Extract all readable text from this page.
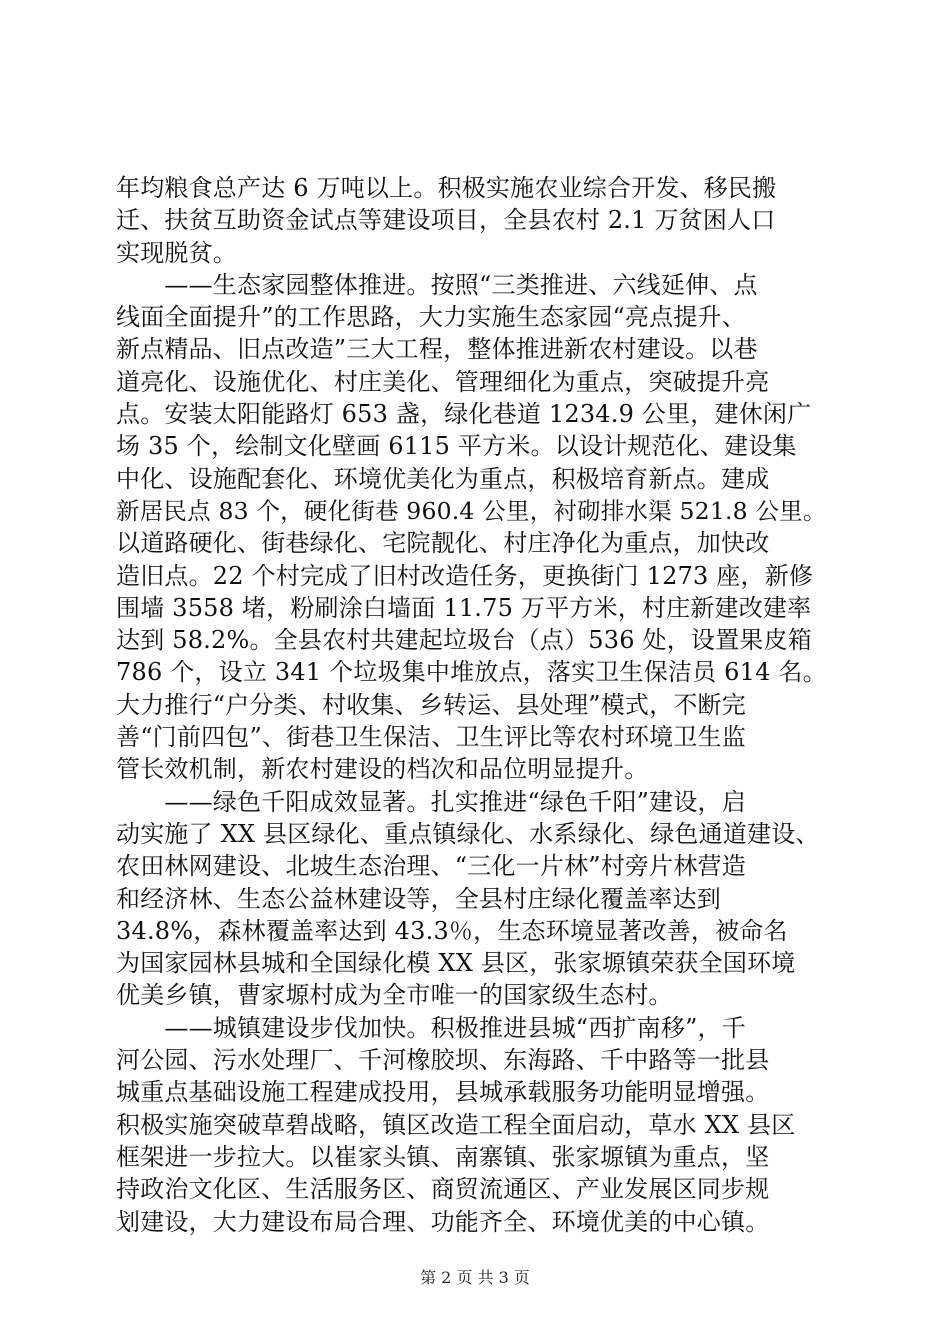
年均粮食总产达 6 万吨以上。积极实施农业综合开发、移民搬
迁、扶贫互助资金试点等建设项目，全县农村 2.1 万贫困人口
实现脱贫。
　　——生态家园整体推进。按照“三类推进、六线延伸、点
线面全面提升”的工作思路，大力实施生态家园“亮点提升、
新点精品、旧点改造”三大工程，整体推进新农村建设。以巷
道亮化、设施优化、村庄美化、管理细化为重点，突破提升亮
点。安装太阳能路灯 653 盏，绿化巷道 1234.9 公里，建休闲广
场 35 个，绘制文化壁画 6115 平方米。以设计规范化、建设集
中化、设施配套化、环境优美化为重点，积极培育新点。建成
新居民点 83 个，硬化街巷 960.4 公里，衬砌排水渠 521.8 公里。
以道路硬化、街巷绿化、宅院靓化、村庄净化为重点，加快改
造旧点。22 个村完成了旧村改造任务，更换街门 1273 座，新修
围墙 3558 堵，粉刷涂白墙面 11.75 万平方米，村庄新建改建率
达到 58.2%。全县农村共建起垃圾台（点）536 处，设置果皮箱
786 个，设立 341 个垃圾集中堆放点，落实卫生保洁员 614 名。
大力推行“户分类、村收集、乡转运、县处理”模式，不断完
善“门前四包”、街巷卫生保洁、卫生评比等农村环境卫生监
管长效机制，新农村建设的档次和品位明显提升。
　　——绿色千阳成效显著。扎实推进“绿色千阳”建设，启
动实施了 XX 县区绿化、重点镇绿化、水系绿化、绿色通道建设、
农田林网建设、北坡生态治理、“三化一片林”村旁片林营造
和经济林、生态公益林建设等，全县村庄绿化覆盖率达到
34.8%，森林覆盖率达到 43.3％，生态环境显著改善，被命名
为国家园林县城和全国绿化模 XX 县区，张家塬镇荣获全国环境
优美乡镇，曹家塬村成为全市唯一的国家级生态村。
　　——城镇建设步伐加快。积极推进县城“西扩南移”，千
河公园、污水处理厂、千河橡胶坝、东海路、千中路等一批县
城重点基础设施工程建成投用，县城承载服务功能明显增强。
积极实施突破草碧战略，镇区改造工程全面启动，草水 XX 县区
框架进一步拉大。以崔家头镇、南寨镇、张家塬镇为重点，坚
持政治文化区、生活服务区、商贸流通区、产业发展区同步规
划建设，大力建设布局合理、功能齐全、环境优美的中心镇。
第 2 页 共 3 页
